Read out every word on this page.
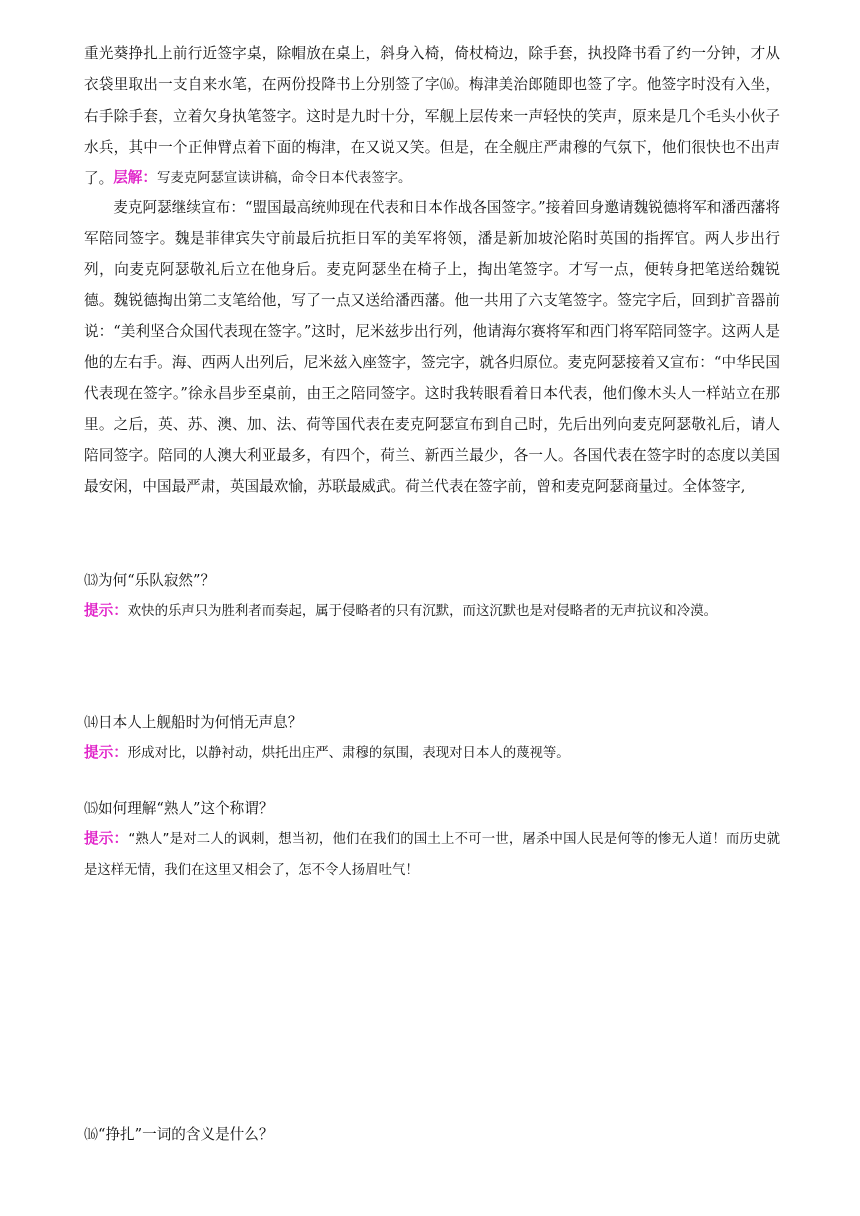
重光葵挣扎上前行近签字桌，除帽放在桌上，斜身入椅，倚杖椅边，除手套，执投降书看了约一分钟，才从衣袋里取出一支自来水笔，在两份投降书上分别签了字⒃。梅津美治郎随即也签了字。他签字时没有入坐，右手除手套，立着欠身执笔签字。这时是九时十分，军舰上层传来一声轻快的笑声，原来是几个毛头小伙子水兵，其中一个正伸臂点着下面的梅津，在又说又笑。但是，在全舰庄严肃穆的气氛下，他们很快也不出声了。 层解：写麦克阿瑟宣读讲稿，命令日本代表签字。
麦克阿瑟继续宣布：“盟国最高统帅现在代表和日本作战各国签字。”接着回身邀请魏锐德将军和潘西藩将军陪同签字。魏是菲律宾失守前最后抗拒日军的美军将领，潘是新加坡沦陷时英国的指挥官。两人步出行列，向麦克阿瑟敬礼后立在他身后。麦克阿瑟坐在椅子上，掏出笔签字。才写一点，便转身把笔送给魏锐德。魏锐德掏出第二支笔给他，写了一点又送给潘西藩。他一共用了六支笔签字。签完字后，回到扩音器前说：“美利坚合众国代表现在签字。”这时，尼米兹步出行列，他请海尔赛将军和西门将军陪同签字。这两人是他的左右手。海、西两人出列后，尼米兹入座签字，签完字，就各归原位。麦克阿瑟接着又宣布：“中华民国代表现在签字。”徐永昌步至桌前，由王之陪同签字。这时我转眼看着日本代表，他们像木头人一样站立在那里。之后，英、苏、澳、加、法、荷等国代表在麦克阿瑟宣布到自己时，先后出列向麦克阿瑟敬礼后，请人陪同签字。陪同的人澳大利亚最多，有四个，荷兰、新西兰最少，各一人。各国代表在签字时的态度以美国最安闲，中国最严肃，英国最欢愉，苏联最威武。荷兰代表在签字前，曾和麦克阿瑟商量过。全体签字,
⒀为何“乐队寂然”？
提示：欢快的乐声只为胜利者而奏起，属于侵略者的只有沉默，而这沉默也是对侵略者的无声抗议和冷漠。
⒁日本人上舰船时为何悄无声息？
提示：形成对比，以静衬动，烘托出庄严、肃穆的氛围，表现对日本人的蔑视等。
⒂如何理解“熟人”这个称谓？
提示：“熟人”是对二人的讽刺，想当初，他们在我们的国土上不可一世，屠杀中国人民是何等的惨无人道！而历史就是这样无情，我们在这里又相会了，怎不令人扬眉吐气！
⒃“挣扎”一词的含义是什么？
